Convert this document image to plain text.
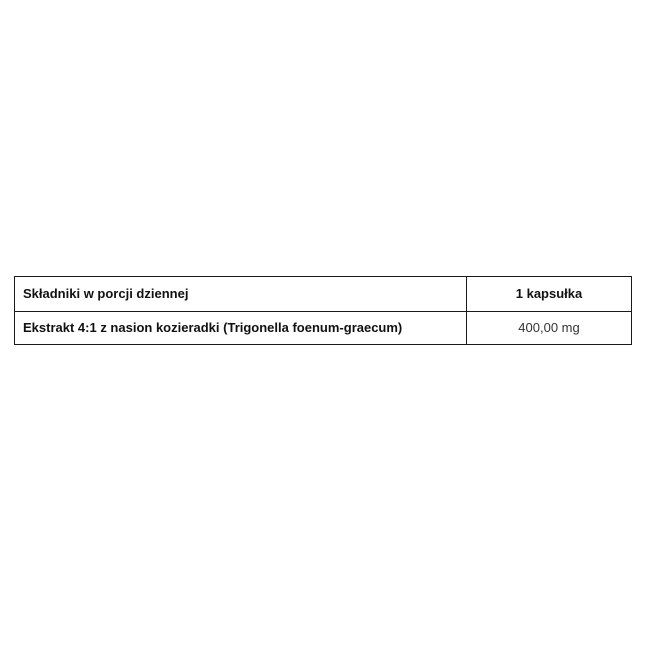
Składniki w porcji dziennej	1 kapsułka
Ekstrakt 4:1 z nasion kozieradki (Trigonella foenum-graecum)	400,00 mg
